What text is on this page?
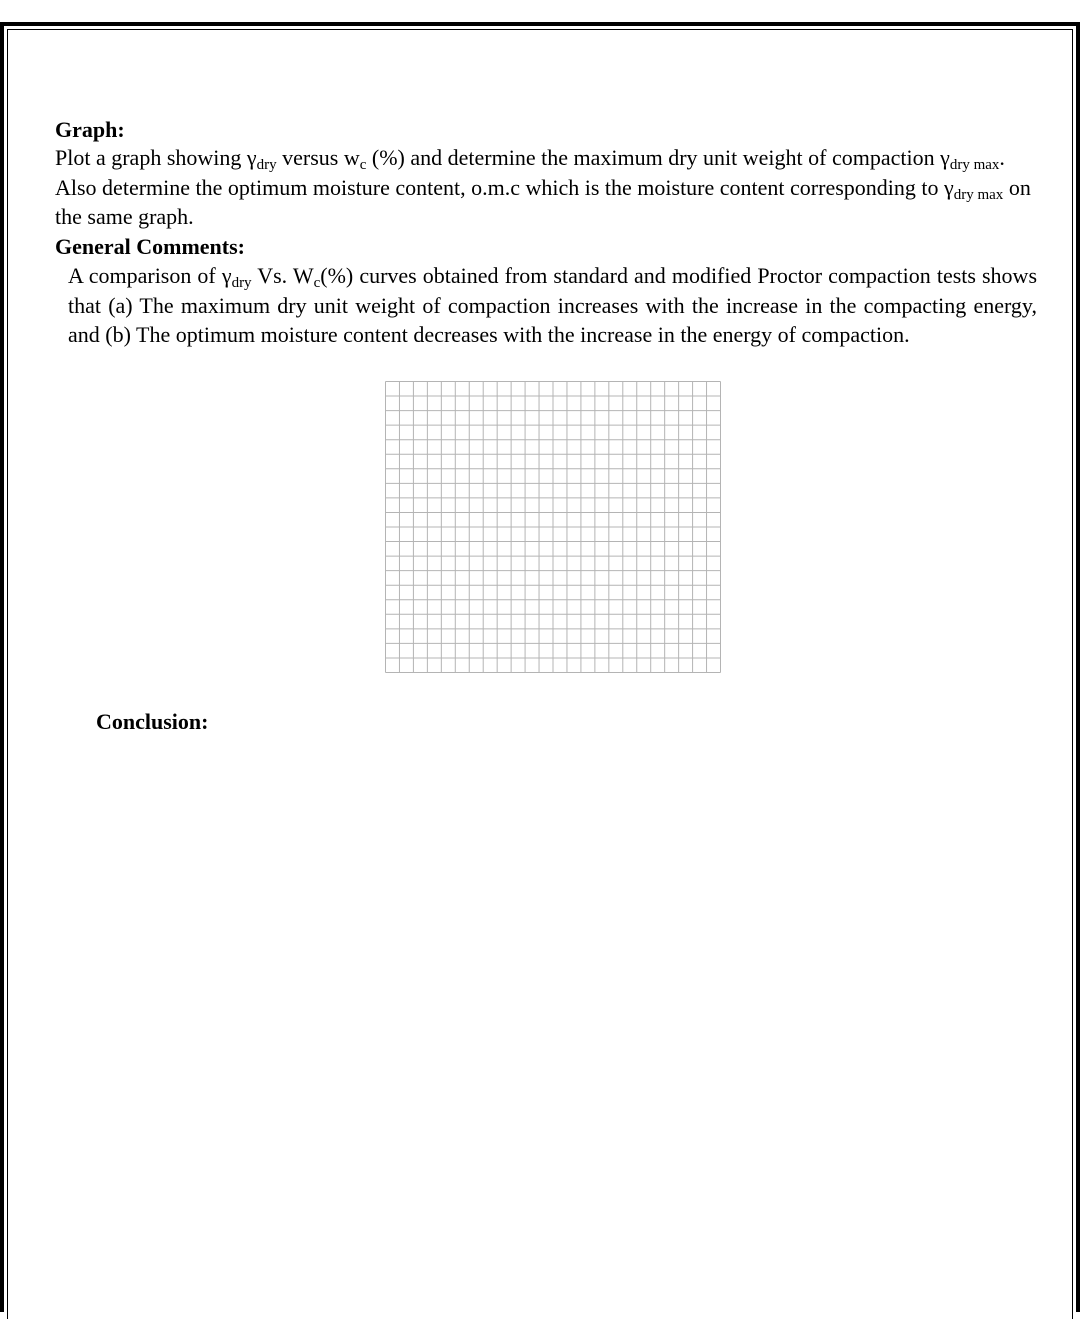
Graph:

Plot a graph showing $\gamma_{dry}$ versus $w_c$ (%) and determine the maximum dry unit weight of compaction $\gamma_{dry max}$. Also determine the optimum moisture content, o.m.c which is the moisture content corresponding to $\gamma_{dry max}$ on the same graph.

General Comments:

A comparison of $\gamma_{dry}$ Vs. $W_c(\%)$ curves obtained from standard and modified Proctor compaction tests shows that (a) The maximum dry unit weight of compaction increases with the increase in the compacting energy, and (b) The optimum moisture content decreases with the increase in the energy of compaction.

Conclusion:
